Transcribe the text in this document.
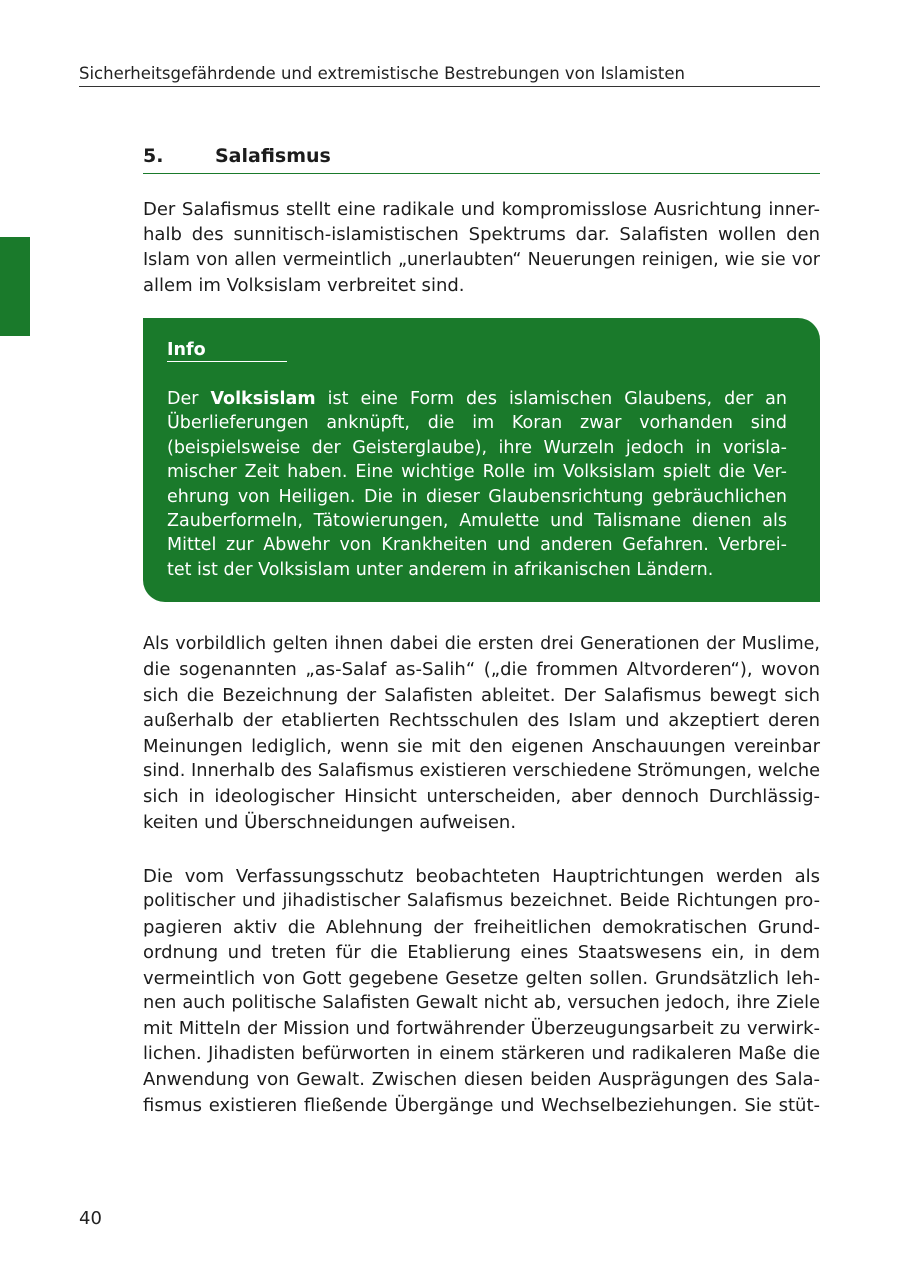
Sicherheitsgefährdende und extremistische Bestrebungen von Islamisten
5.	Salafismus

Der Salafismus stellt eine radikale und kompromisslose Ausrichtung inner-
halb des sunnitisch-islamistischen Spektrums dar. Salafisten wollen den
Islam von allen vermeintlich „unerlaubten“ Neuerungen reinigen, wie sie vor
allem im Volksislam verbreitet sind.

Info

Der Volksislam ist eine Form des islamischen Glaubens, der an
Überlieferungen anknüpft, die im Koran zwar vorhanden sind
(beispielsweise der Geisterglaube), ihre Wurzeln jedoch in vorisla-
mischer Zeit haben. Eine wichtige Rolle im Volksislam spielt die Ver-
ehrung von Heiligen. Die in dieser Glaubensrichtung gebräuchlichen
Zauberformeln, Tätowierungen, Amulette und Talismane dienen als
Mittel zur Abwehr von Krankheiten und anderen Gefahren. Verbrei-
tet ist der Volksislam unter anderem in afrikanischen Ländern.

Als vorbildlich gelten ihnen dabei die ersten drei Generationen der Muslime,
die sogenannten „as-Salaf as-Salih“ („die frommen Altvorderen“), wovon
sich die Bezeichnung der Salafisten ableitet. Der Salafismus bewegt sich
außerhalb der etablierten Rechtsschulen des Islam und akzeptiert deren
Meinungen lediglich, wenn sie mit den eigenen Anschauungen vereinbar
sind. Innerhalb des Salafismus existieren verschiedene Strömungen, welche
sich in ideologischer Hinsicht unterscheiden, aber dennoch Durchlässig-
keiten und Überschneidungen aufweisen.

Die vom Verfassungsschutz beobachteten Hauptrichtungen werden als
politischer und jihadistischer Salafismus bezeichnet. Beide Richtungen pro-
pagieren aktiv die Ablehnung der freiheitlichen demokratischen Grund-
ordnung und treten für die Etablierung eines Staatswesens ein, in dem
vermeintlich von Gott gegebene Gesetze gelten sollen. Grundsätzlich leh-
nen auch politische Salafisten Gewalt nicht ab, versuchen jedoch, ihre Ziele
mit Mitteln der Mission und fortwährender Überzeugungsarbeit zu verwirk-
lichen. Jihadisten befürworten in einem stärkeren und radikaleren Maße die
Anwendung von Gewalt. Zwischen diesen beiden Ausprägungen des Sala-
fismus existieren fließende Übergänge und Wechselbeziehungen. Sie stüt-

40
